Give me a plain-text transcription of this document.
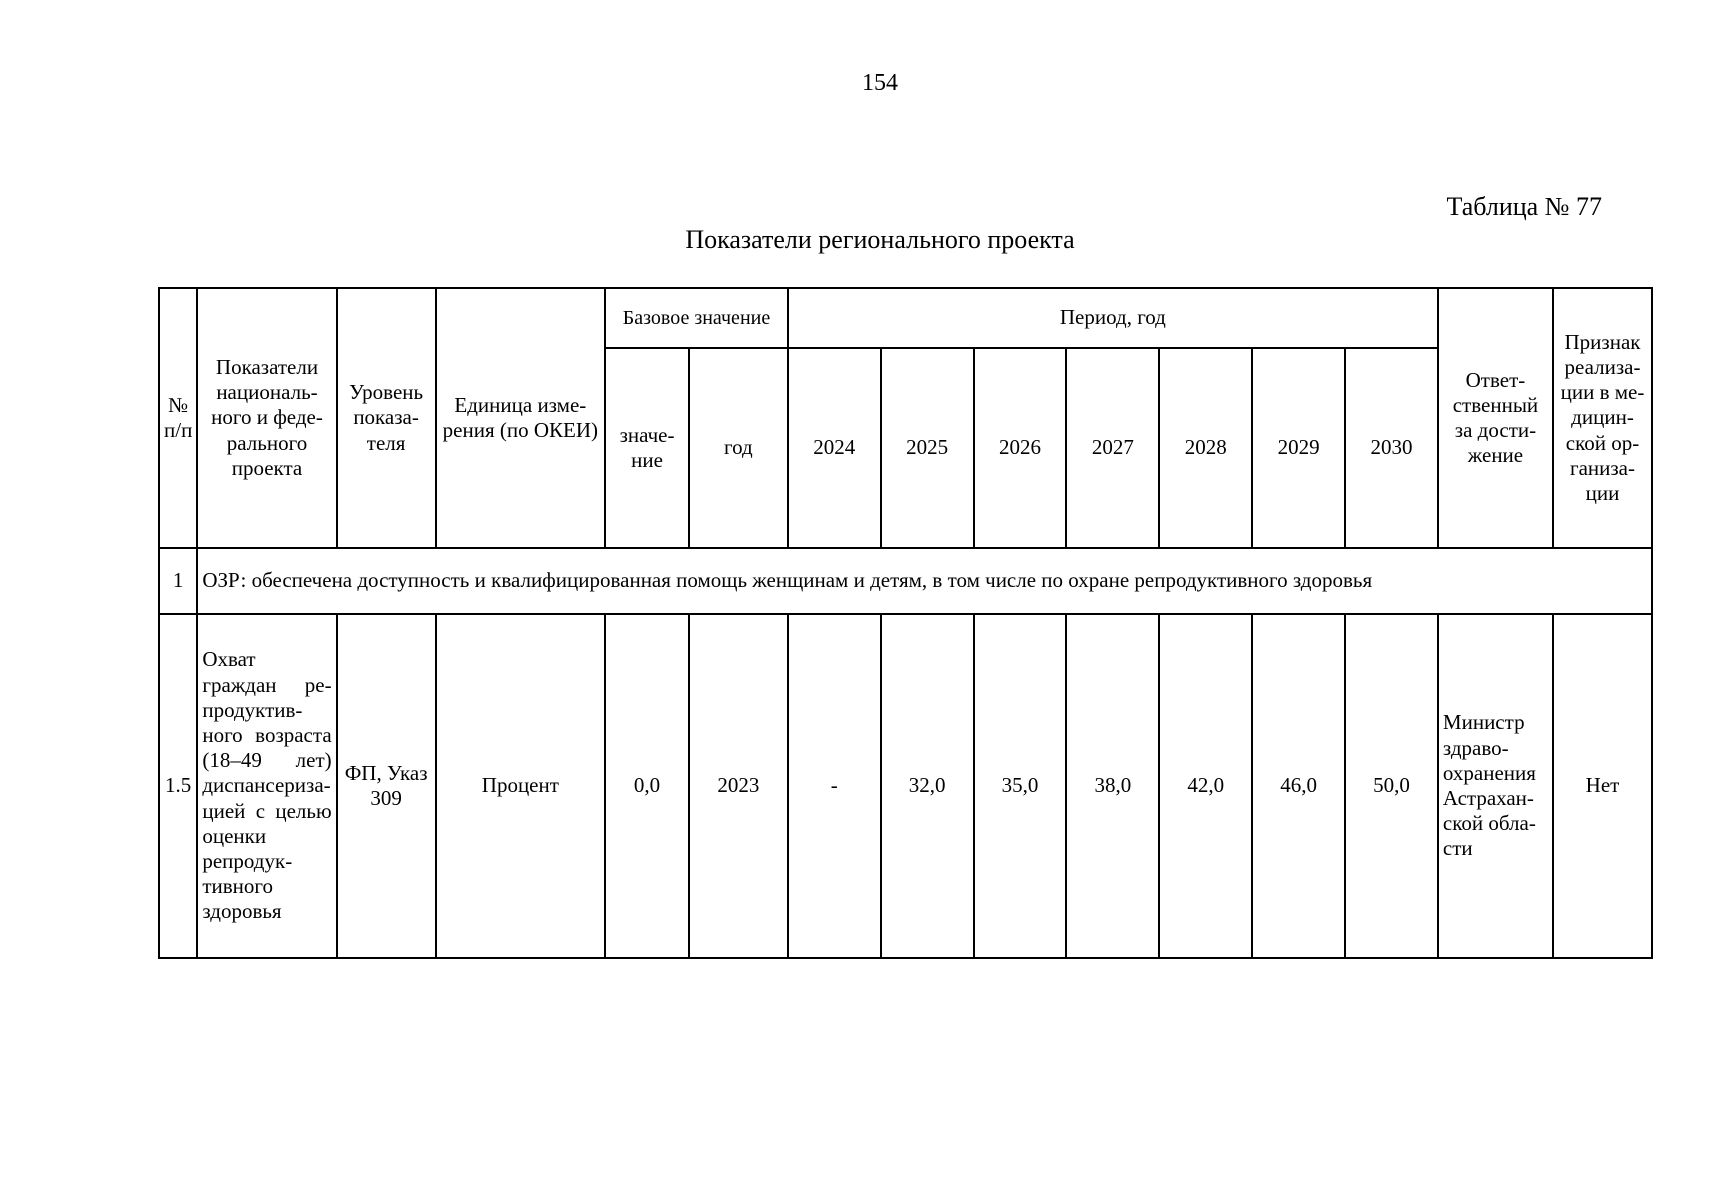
154
Таблица № 77
Показатели регионального проекта
№ п/п	Показатели национального и федерального проекта	Уровень показателя	Единица измерения (по ОКЕИ)	Базовое значение		Период, год							Ответственный за достижение	Признак реализации в медицинской организации
				значение	год	2024	2025	2026	2027	2028	2029	2030		
1	ОЗР: обеспечена доступность и квалифицированная помощь женщинам и детям, в том числе по охране репродуктивного здоровья													
1.5	Охват граждан репродуктивного возраста (18–49 лет) диспансеризацией с целью оценки репродуктивного здоровья	ФП, Указ 309	Процент	0,0	2023	-	32,0	35,0	38,0	42,0	46,0	50,0	Министр здравоохранения Астраханской области	Нет
